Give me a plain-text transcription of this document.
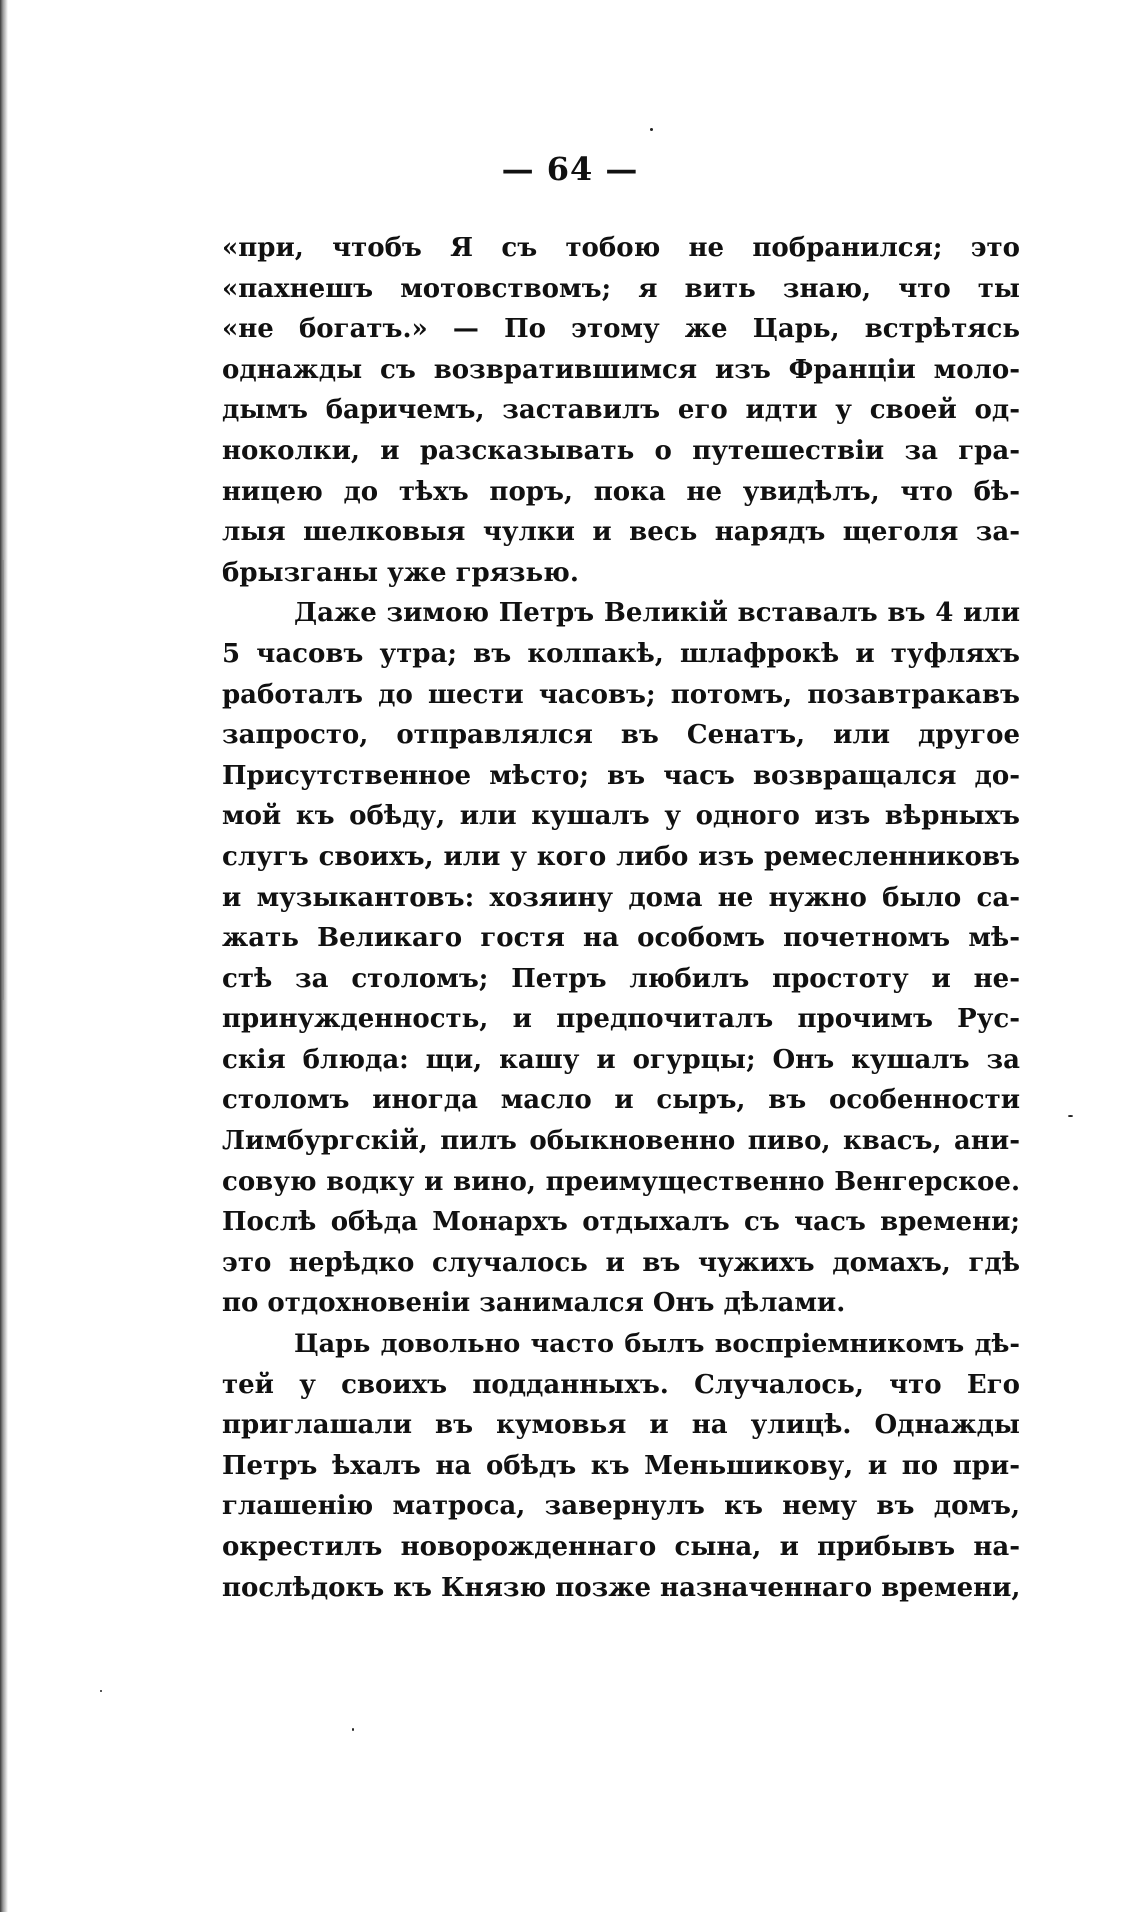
— 64 —
«при, чтобъ Я съ тобою не побранился; это
«пахнешъ мотовствомъ; я вить знаю, что ты
«не богатъ.» — По этому же Царь, встрѣтясь
однажды съ возвратившимся изъ Франціи моло-
дымъ баричемъ, заставилъ его идти у своей од-
ноколки, и разсказывать о путешествіи за гра-
ницею до тѣхъ поръ, пока не увидѣлъ, что бѣ-
лыя шелковыя чулки и весь нарядъ щеголя за-
брызганы уже грязью.
Даже зимою Петръ Великій вставалъ въ 4 или
5 часовъ утра; въ колпакѣ, шлафрокѣ и туфляхъ
работалъ до шести часовъ; потомъ, позавтракавъ
запросто, отправлялся въ Сенатъ, или другое
Присутственное мѣсто; въ часъ возвращался до-
мой къ обѣду, или кушалъ у одного изъ вѣрныхъ
слугъ своихъ, или у кого либо изъ ремесленниковъ
и музыкантовъ: хозяину дома не нужно было са-
жать Великаго гостя на особомъ почетномъ мѣ-
стѣ за столомъ; Петръ любилъ простоту и не-
принужденность, и предпочиталъ прочимъ Рус-
скія блюда: щи, кашу и огурцы; Онъ кушалъ за
столомъ иногда масло и сыръ, въ особенности
Лимбургскій, пилъ обыкновенно пиво, квасъ, ани-
совую водку и вино, преимущественно Венгерское.
Послѣ обѣда Монархъ отдыхалъ съ часъ времени;
это нерѣдко случалось и въ чужихъ домахъ, гдѣ
по отдохновеніи занимался Онъ дѣлами.
Царь довольно часто былъ воспріемникомъ дѣ-
тей у своихъ подданныхъ. Случалось, что Его
приглашали въ кумовья и на улицѣ. Однажды
Петръ ѣхалъ на обѣдъ къ Меньшикову, и по при-
глашенію матроса, завернулъ къ нему въ домъ,
окрестилъ новорожденнаго сына, и прибывъ на-
послѣдокъ къ Князю позже назначеннаго времени,
